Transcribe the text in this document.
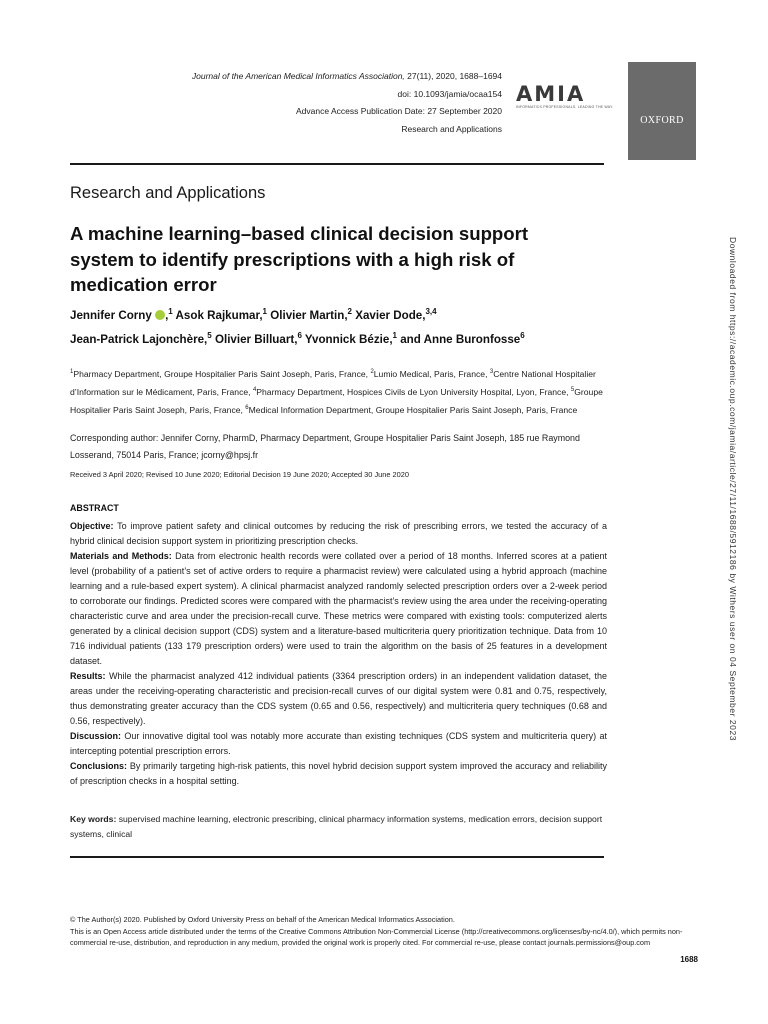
Journal of the American Medical Informatics Association, 27(11), 2020, 1688–1694
doi: 10.1093/jamia/ocaa154
Advance Access Publication Date: 27 September 2020
Research and Applications
AMIA
INFORMATICS PROFESSIONALS. LEADING THE WAY.
OXFORD
Research and Applications
A machine learning–based clinical decision support system to identify prescriptions with a high risk of medication error
Jennifer Corny ,$^1$ Asok Rajkumar,$^1$ Olivier Martin,$^2$ Xavier Dode,$^{3,4}$
Jean-Patrick Lajonchère,$^5$ Olivier Billuart,$^6$ Yvonnick Bézie,$^1$ and Anne Buronfosse$^6$
$^1$Pharmacy Department, Groupe Hospitalier Paris Saint Joseph, Paris, France, $^2$Lumio Medical, Paris, France, $^3$Centre National Hospitalier d’Information sur le Médicament, Paris, France, $^4$Pharmacy Department, Hospices Civils de Lyon University Hospital, Lyon, France, $^5$Groupe Hospitalier Paris Saint Joseph, Paris, France, $^6$Medical Information Department, Groupe Hospitalier Paris Saint Joseph, Paris, France
Corresponding author: Jennifer Corny, PharmD, Pharmacy Department, Groupe Hospitalier Paris Saint Joseph, 185 rue Raymond Losserand, 75014 Paris, France; jcorny@hpsj.fr
Received 3 April 2020; Revised 10 June 2020; Editorial Decision 19 June 2020; Accepted 30 June 2020
ABSTRACT

Objective: To improve patient safety and clinical outcomes by reducing the risk of prescribing errors, we tested the accuracy of a hybrid clinical decision support system in prioritizing prescription checks.

Materials and Methods: Data from electronic health records were collated over a period of 18 months. Inferred scores at a patient level (probability of a patient’s set of active orders to require a pharmacist review) were calculated using a hybrid approach (machine learning and a rule-based expert system). A clinical pharmacist analyzed randomly selected prescription orders over a 2-week period to corroborate our findings. Predicted scores were compared with the pharmacist’s review using the area under the receiving-operating characteristic curve and area under the precision-recall curve. These metrics were compared with existing tools: computerized alerts generated by a clinical decision support (CDS) system and a literature-based multicriteria query prioritization technique. Data from 10 716 individual patients (133 179 prescription orders) were used to train the algorithm on the basis of 25 features in a development dataset.

Results: While the pharmacist analyzed 412 individual patients (3364 prescription orders) in an independent validation dataset, the areas under the receiving-operating characteristic and precision-recall curves of our digital system were 0.81 and 0.75, respectively, thus demonstrating greater accuracy than the CDS system (0.65 and 0.56, respectively) and multicriteria query techniques (0.68 and 0.56, respectively).

Discussion: Our innovative digital tool was notably more accurate than existing techniques (CDS system and multicriteria query) at intercepting potential prescription errors.

Conclusions: By primarily targeting high-risk patients, this novel hybrid decision support system improved the accuracy and reliability of prescription checks in a hospital setting.

Key words: supervised machine learning, electronic prescribing, clinical pharmacy information systems, medication errors, decision support systems, clinical

© The Author(s) 2020. Published by Oxford University Press on behalf of the American Medical Informatics Association.

This is an Open Access article distributed under the terms of the Creative Commons Attribution Non-Commercial License (http://creativecommons.org/licenses/by-nc/4.0/), which permits non-commercial re-use, distribution, and reproduction in any medium, provided the original work is properly cited. For commercial re-use, please contact journals.permissions@oup.com

1688
Downloaded from https://academic.oup.com/jamia/article/27/11/1688/5912186 by Withers user on 04 September 2023
